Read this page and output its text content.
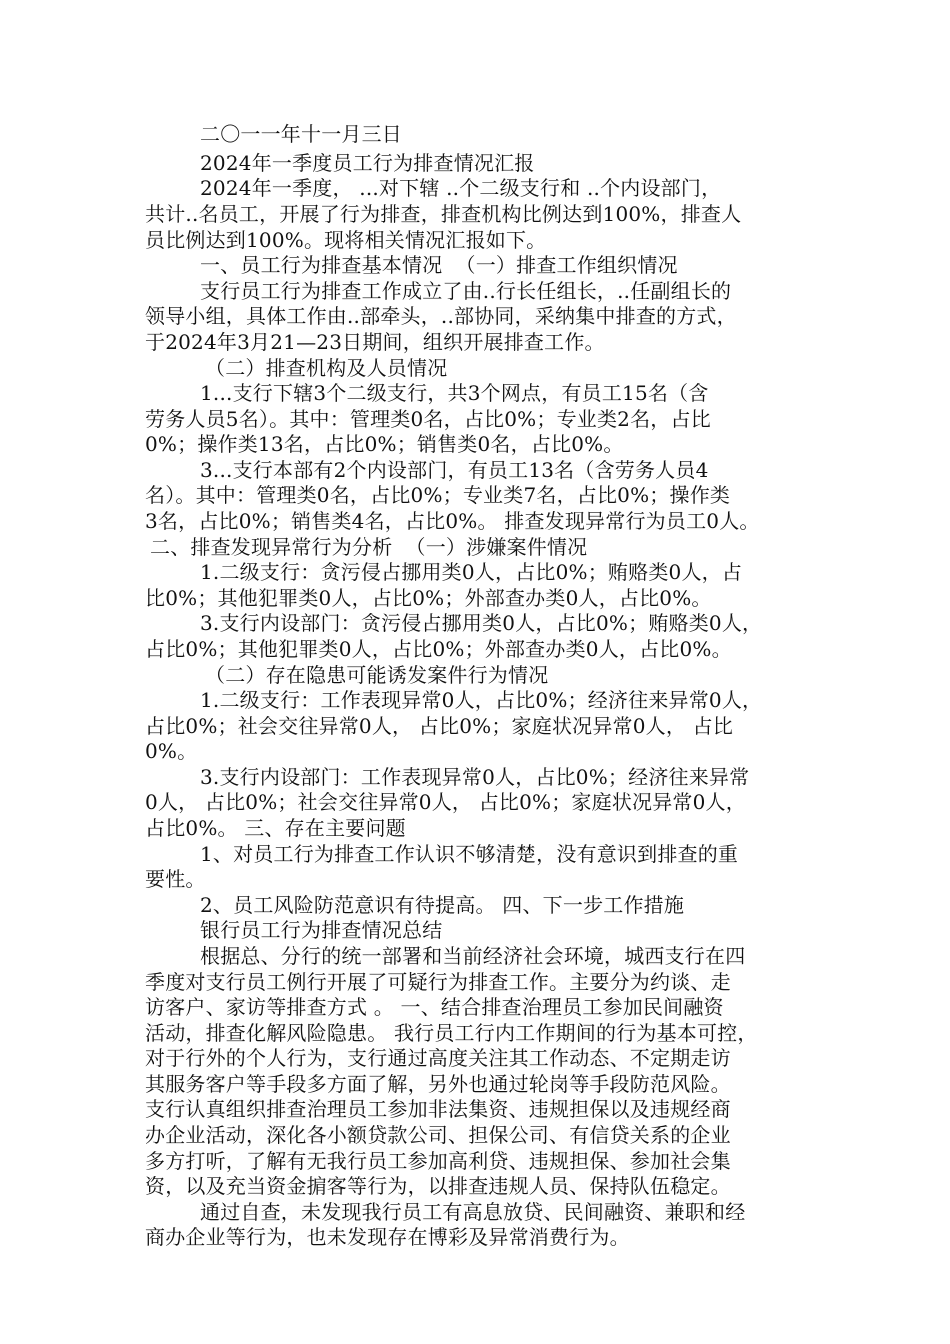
二〇一一年十一月三日
2024年一季度员工行为排查情况汇报
2024年一季度， ...对下辖 ..个二级支行和 ..个内设部门，
共计..名员工，开展了行为排查，排查机构比例达到100%，排查人
员比例达到100%。现将相关情况汇报如下。
一、员工行为排查基本情况  （一）排查工作组织情况
支行员工行为排查工作成立了由..行长任组长，..任副组长的
领导小组，具体工作由..部牵头，..部协同，采纳集中排查的方式，
于2024年3月21—23日期间，组织开展排查工作。
（二）排查机构及人员情况
1...支行下辖3个二级支行，共3个网点，有员工15名（含
劳务人员5名）。其中：管理类0名，占比0%；专业类2名，占比
0%；操作类13名，占比0%；销售类0名，占比0%。
3...支行本部有2个内设部门，有员工13名（含劳务人员4
名）。其中：管理类0名，占比0%；专业类7名，占比0%；操作类
3名，占比0%；销售类4名，占比0%。 排查发现异常行为员工0人。
二、排查发现异常行为分析  （一）涉嫌案件情况
1.二级支行：贪污侵占挪用类0人，占比0%；贿赂类0人，占
比0%；其他犯罪类0人，占比0%；外部查办类0人，占比0%。
3.支行内设部门：贪污侵占挪用类0人，占比0%；贿赂类0人，
占比0%；其他犯罪类0人，占比0%；外部查办类0人，占比0%。
（二）存在隐患可能诱发案件行为情况
1.二级支行：工作表现异常0人，占比0%；经济往来异常0人，
占比0%；社会交往异常0人， 占比0%；家庭状况异常0人， 占比
0%。
3.支行内设部门：工作表现异常0人，占比0%；经济往来异常
0人， 占比0%；社会交往异常0人， 占比0%；家庭状况异常0人，
占比0%。 三、存在主要问题
1、对员工行为排查工作认识不够清楚，没有意识到排查的重
要性。
2、员工风险防范意识有待提高。 四、下一步工作措施
银行员工行为排查情况总结
根据总、分行的统一部署和当前经济社会环境，城西支行在四
季度对支行员工例行开展了可疑行为排查工作。主要分为约谈、走
访客户、家访等排查方式 。 一、结合排查治理员工参加民间融资
活动，排查化解风险隐患。 我行员工行内工作期间的行为基本可控，
对于行外的个人行为，支行通过高度关注其工作动态、不定期走访
其服务客户等手段多方面了解，另外也通过轮岗等手段防范风险。
支行认真组织排查治理员工参加非法集资、违规担保以及违规经商
办企业活动，深化各小额贷款公司、担保公司、有信贷关系的企业
多方打听，了解有无我行员工参加高利贷、违规担保、参加社会集
资，以及充当资金掮客等行为，以排查违规人员、保持队伍稳定。
通过自查，未发现我行员工有高息放贷、民间融资、兼职和经
商办企业等行为，也未发现存在博彩及异常消费行为。
